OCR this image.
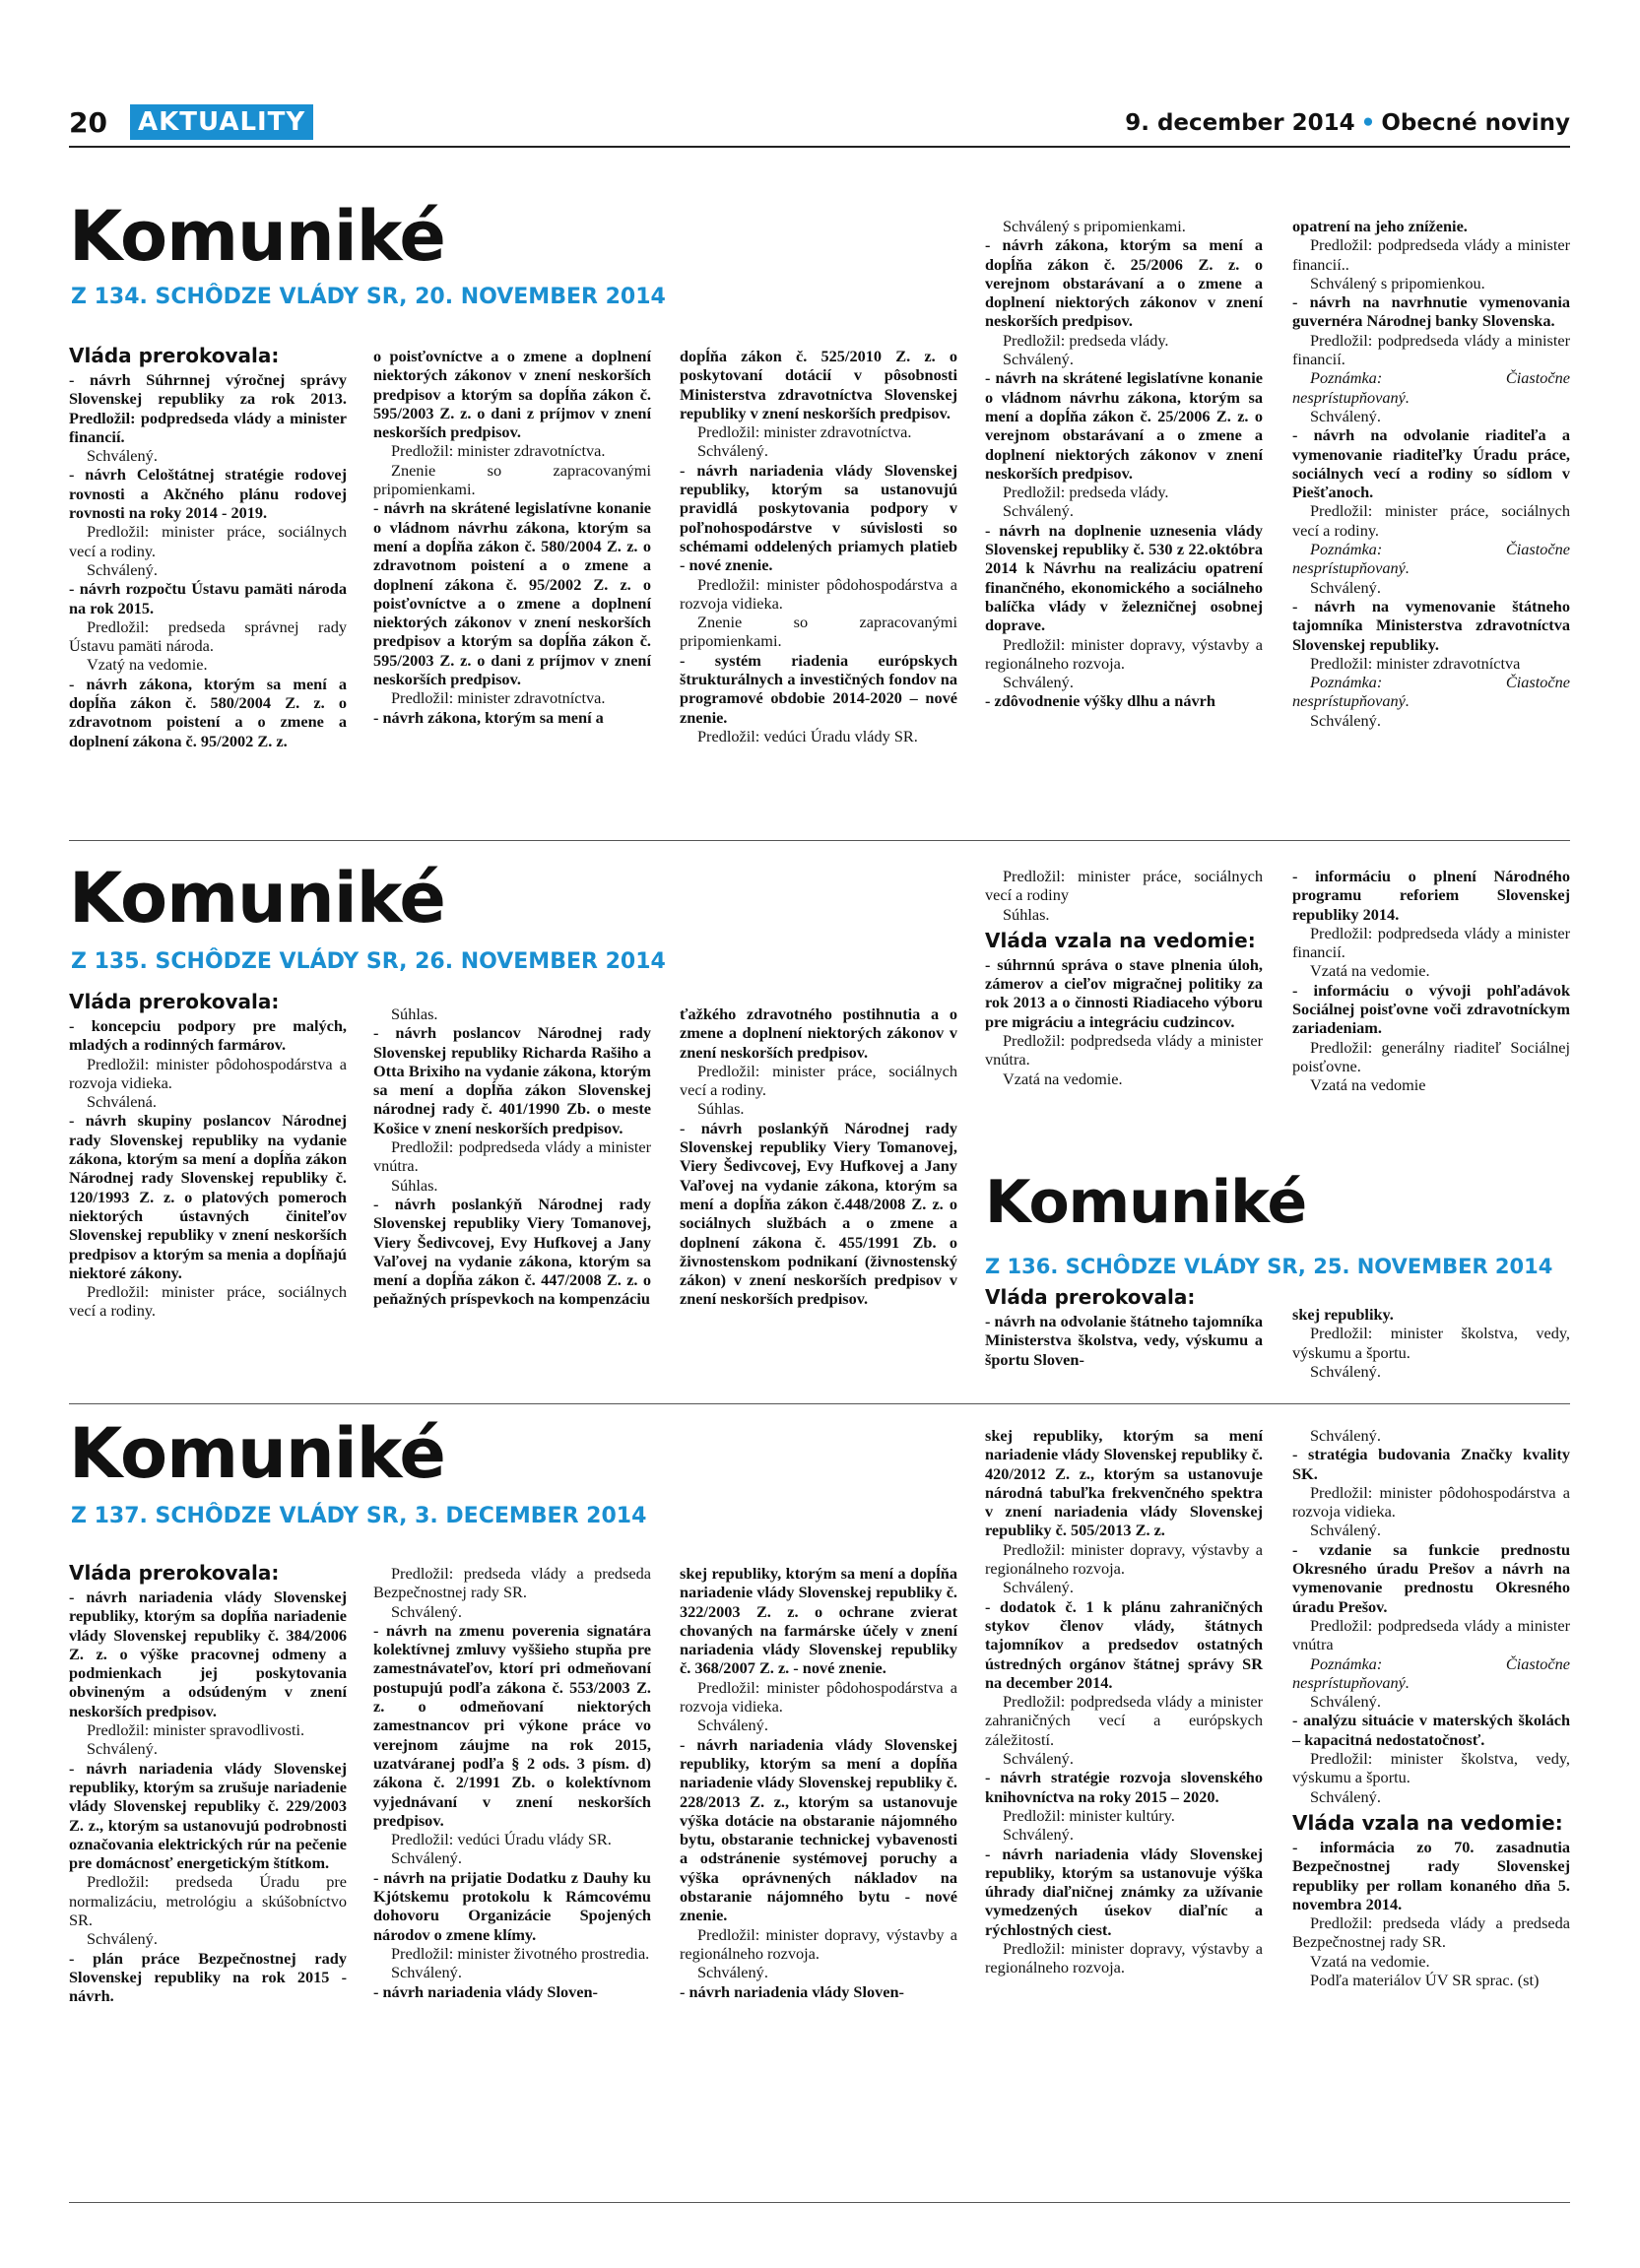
20	AKTUALITY	9. december 2014 • Obecné noviny
Komuniké
Z 134. SCHÔDZE VLÁDY SR, 20. NOVEMBER 2014

Vláda prerokovala:

- návrh Súhrnnej výročnej správy Slovenskej republiky za rok 2013. Predložil: podpredseda vlády a minister financií.

Schválený.

- návrh Celoštátnej stratégie rodovej rovnosti a Akčného plánu rodovej rovnosti na roky 2014 - 2019.

Predložil: minister práce, sociálnych vecí a rodiny.

Schválený.

- návrh rozpočtu Ústavu pamäti národa na rok 2015.

Predložil: predseda správnej rady Ústavu pamäti národa.

Vzatý na vedomie.

- návrh zákona, ktorým sa mení a dopĺňa zákon č. 580/2004 Z. z. o zdravotnom poistení a o zmene a doplnení zákona č. 95/2002 Z. z.

o poisťovníctve a o zmene a doplnení niektorých zákonov v znení neskorších predpisov a ktorým sa dopĺňa zákon č. 595/2003 Z. z. o dani z príjmov v znení neskorších predpisov.

Predložil: minister zdravotníctva.

Znenie so zapracovanými pripomienkami.

- návrh na skrátené legislatívne konanie o vládnom návrhu zákona, ktorým sa mení a dopĺňa zákon č. 580/2004 Z. z. o zdravotnom poistení a o zmene a doplnení zákona č. 95/2002 Z. z. o poisťovníctve a o zmene a doplnení niektorých zákonov v znení neskorších predpisov a ktorým sa dopĺňa zákon č. 595/2003 Z. z. o dani z príjmov v znení neskorších predpisov.

Predložil: minister zdravotníctva.

- návrh zákona, ktorým sa mení a

dopĺňa zákon č. 525/2010 Z. z. o poskytovaní dotácií v pôsobnosti Ministerstva zdravotníctva Slovenskej republiky v znení neskorších predpisov.

Predložil: minister zdravotníctva.

Schválený.

- návrh nariadenia vlády Slovenskej republiky, ktorým sa ustanovujú pravidlá poskytovania podpory v poľnohospodárstve v súvislosti so schémami oddelených priamych platieb - nové znenie.

Predložil: minister pôdohospodárstva a rozvoja vidieka.

Znenie so zapracovanými pripomienkami.

- systém riadenia európskych štrukturálnych a investičných fondov na programové obdobie 2014-2020 – nové znenie.

Predložil: vedúci Úradu vlády SR.

Schválený s pripomienkami.

- návrh zákona, ktorým sa mení a dopĺňa zákon č. 25/2006 Z. z. o verejnom obstarávaní a o zmene a doplnení niektorých zákonov v znení neskorších predpisov.

Predložil: predseda vlády.

Schválený.

- návrh na skrátené legislatívne konanie o vládnom návrhu zákona, ktorým sa mení a dopĺňa zákon č. 25/2006 Z. z. o verejnom obstarávaní a o zmene a doplnení niektorých zákonov v znení neskorších predpisov.

Predložil: predseda vlády.

Schválený.

- návrh na doplnenie uznesenia vlády Slovenskej republiky č. 530 z 22.októbra 2014 k Návrhu na realizáciu opatrení finančného, ekonomického a sociálneho balíčka vlády v železničnej osobnej doprave.

Predložil: minister dopravy, výstavby a regionálneho rozvoja.

Schválený.

- zdôvodnenie výšky dlhu a návrh

opatrení na jeho zníženie.

Predložil: podpredseda vlády a minister financií..

Schválený s pripomienkou.

- návrh na navrhnutie vymenovania guvernéra Národnej banky Slovenska.

Predložil: podpredseda vlády a minister financií.

Poznámka: Čiastočne nesprístupňovaný.

Schválený.

- návrh na odvolanie riaditeľa a vymenovanie riaditeľky Úradu práce, sociálnych vecí a rodiny so sídlom v Piešťanoch.

Predložil: minister práce, sociálnych vecí a rodiny.

Poznámka: Čiastočne nesprístupňovaný.

Schválený.

- návrh na vymenovanie štátneho tajomníka Ministerstva zdravotníctva Slovenskej republiky.

Predložil: minister zdravotníctva

Poznámka: Čiastočne nesprístupňovaný.

Schválený.

Komuniké
Z 135. SCHÔDZE VLÁDY SR, 26. NOVEMBER 2014

Vláda prerokovala:

- koncepciu podpory pre malých, mladých a rodinných farmárov.

Predložil: minister pôdohospodárstva a rozvoja vidieka.

Schválená.

- návrh skupiny poslancov Národnej rady Slovenskej republiky na vydanie zákona, ktorým sa mení a dopĺňa zákon Národnej rady Slovenskej republiky č. 120/1993 Z. z. o platových pomeroch niektorých ústavných činiteľov Slovenskej republiky v znení neskorších predpisov a ktorým sa menia a dopĺňajú niektoré zákony.

Predložil: minister práce, sociálnych vecí a rodiny.

Súhlas.

- návrh poslancov Národnej rady Slovenskej republiky Richarda Rašiho a Otta Brixiho na vydanie zákona, ktorým sa mení a dopĺňa zákon Slovenskej národnej rady č. 401/1990 Zb. o meste Košice v znení neskorších predpisov.

Predložil: podpredseda vlády a minister vnútra.

Súhlas.

- návrh poslankýň Národnej rady Slovenskej republiky Viery Tomanovej, Viery Šedivcovej, Evy Hufkovej a Jany Vaľovej na vydanie zákona, ktorým sa mení a dopĺňa zákon č. 447/2008 Z. z. o peňažných príspevkoch na kompenzáciu

ťažkého zdravotného postihnutia a o zmene a doplnení niektorých zákonov v znení neskorších predpisov.

Predložil: minister práce, sociálnych vecí a rodiny.

Súhlas.

- návrh poslankýň Národnej rady Slovenskej republiky Viery Tomanovej, Viery Šedivcovej, Evy Hufkovej a Jany Vaľovej na vydanie zákona, ktorým sa mení a dopĺňa zákon č.448/2008 Z. z. o sociálnych službách a o zmene a doplnení zákona č. 455/1991 Zb. o živnostenskom podnikaní (živnostenský zákon) v znení neskorších predpisov v znení neskorších predpisov.

Predložil: minister práce, sociálnych vecí a rodiny

Súhlas.

Vláda vzala na vedomie:

- súhrnnú správa o stave plnenia úloh, zámerov a cieľov migračnej politiky za rok 2013 a o činnosti Riadiaceho výboru pre migráciu a integráciu cudzincov.

Predložil: podpredseda vlády a minister vnútra.

Vzatá na vedomie.

- informáciu o plnení Národného programu reforiem Slovenskej republiky 2014.

Predložil: podpredseda vlády a minister financií.

Vzatá na vedomie.

- informáciu o vývoji pohľadávok Sociálnej poisťovne voči zdravotníckym zariadeniam.

Predložil: generálny riaditeľ Sociálnej poisťovne.

Vzatá na vedomie

Komuniké
Z 136. SCHÔDZE VLÁDY SR, 25. NOVEMBER 2014

Vláda prerokovala:

- návrh na odvolanie štátneho tajomníka Ministerstva školstva, vedy, výskumu a športu Sloven-

skej republiky.

Predložil: minister školstva, vedy, výskumu a športu.

Schválený.

Komuniké
Z 137. SCHÔDZE VLÁDY SR, 3. DECEMBER 2014

Vláda prerokovala:

- návrh nariadenia vlády Slovenskej republiky, ktorým sa dopĺňa nariadenie vlády Slovenskej republiky č. 384/2006 Z. z. o výške pracovnej odmeny a podmienkach jej poskytovania obvineným a odsúdeným v znení neskorších predpisov.

Predložil: minister spravodlivosti.

Schválený.

- návrh nariadenia vlády Slovenskej republiky, ktorým sa zrušuje nariadenie vlády Slovenskej republiky č. 229/2003 Z. z., ktorým sa ustanovujú podrobnosti označovania elektrických rúr na pečenie pre domácnosť energetickým štítkom.

Predložil: predseda Úradu pre normalizáciu, metrológiu a skúšobníctvo SR.

Schválený.

- plán práce Bezpečnostnej rady Slovenskej republiky na rok 2015 - návrh.

Predložil: predseda vlády a predseda Bezpečnostnej rady SR.

Schválený.

- návrh na zmenu poverenia signatára kolektívnej zmluvy vyššieho stupňa pre zamestnávateľov, ktorí pri odmeňovaní postupujú podľa zákona č. 553/2003 Z. z. o odmeňovaní niektorých zamestnancov pri výkone práce vo verejnom záujme na rok 2015, uzatváranej podľa § 2 ods. 3 písm. d) zákona č. 2/1991 Zb. o kolektívnom vyjednávaní v znení neskorších predpisov.

Predložil: vedúci Úradu vlády SR.

Schválený.

- návrh na prijatie Dodatku z Dauhy ku Kjótskemu protokolu k Rámcovému dohovoru Organizácie Spojených národov o zmene klímy.

Predložil: minister životného prostredia.

Schválený.

- návrh nariadenia vlády Sloven-

skej republiky, ktorým sa mení a dopĺňa nariadenie vlády Slovenskej republiky č. 322/2003 Z. z. o ochrane zvierat chovaných na farmárske účely v znení nariadenia vlády Slovenskej republiky č. 368/2007 Z. z. - nové znenie.

Predložil: minister pôdohospodárstva a rozvoja vidieka.

Schválený.

- návrh nariadenia vlády Slovenskej republiky, ktorým sa mení a dopĺňa nariadenie vlády Slovenskej republiky č. 228/2013 Z. z., ktorým sa ustanovuje výška dotácie na obstaranie nájomného bytu, obstaranie technickej vybavenosti a odstránenie systémovej poruchy a výška oprávnených nákladov na obstaranie nájomného bytu - nové znenie.

Predložil: minister dopravy, výstavby a regionálneho rozvoja.

Schválený.

- návrh nariadenia vlády Sloven-

skej republiky, ktorým sa mení nariadenie vlády Slovenskej republiky č. 420/2012 Z. z., ktorým sa ustanovuje národná tabuľka frekvenčného spektra v znení nariadenia vlády Slovenskej republiky č. 505/2013 Z. z.

Predložil: minister dopravy, výstavby a regionálneho rozvoja.

Schválený.

- dodatok č. 1 k plánu zahraničných stykov členov vlády, štátnych tajomníkov a predsedov ostatných ústredných orgánov štátnej správy SR na december 2014.

Predložil: podpredseda vlády a minister zahraničných vecí a európskych záležitostí.

Schválený.

- návrh stratégie rozvoja slovenského knihovníctva na roky 2015 – 2020.

Predložil: minister kultúry.

Schválený.

- návrh nariadenia vlády Slovenskej republiky, ktorým sa ustanovuje výška úhrady diaľničnej známky za užívanie vymedzených úsekov diaľníc a rýchlostných ciest.

Predložil: minister dopravy, výstavby a regionálneho rozvoja.

Schválený.

- stratégia budovania Značky kvality SK.

Predložil: minister pôdohospodárstva a rozvoja vidieka.

Schválený.

- vzdanie sa funkcie prednostu Okresného úradu Prešov a návrh na vymenovanie prednostu Okresného úradu Prešov.

Predložil: podpredseda vlády a minister vnútra

Poznámka: Čiastočne nesprístupňovaný.

Schválený.

- analýzu situácie v materských školách – kapacitná nedostatočnosť.

Predložil: minister školstva, vedy, výskumu a športu.

Schválený.

Vláda vzala na vedomie:

- informácia zo 70. zasadnutia Bezpečnostnej rady Slovenskej republiky per rollam konaného dňa 5. novembra 2014.

Predložil: predseda vlády a predseda Bezpečnostnej rady SR.

Vzatá na vedomie.

Podľa materiálov ÚV SR sprac. (st)
